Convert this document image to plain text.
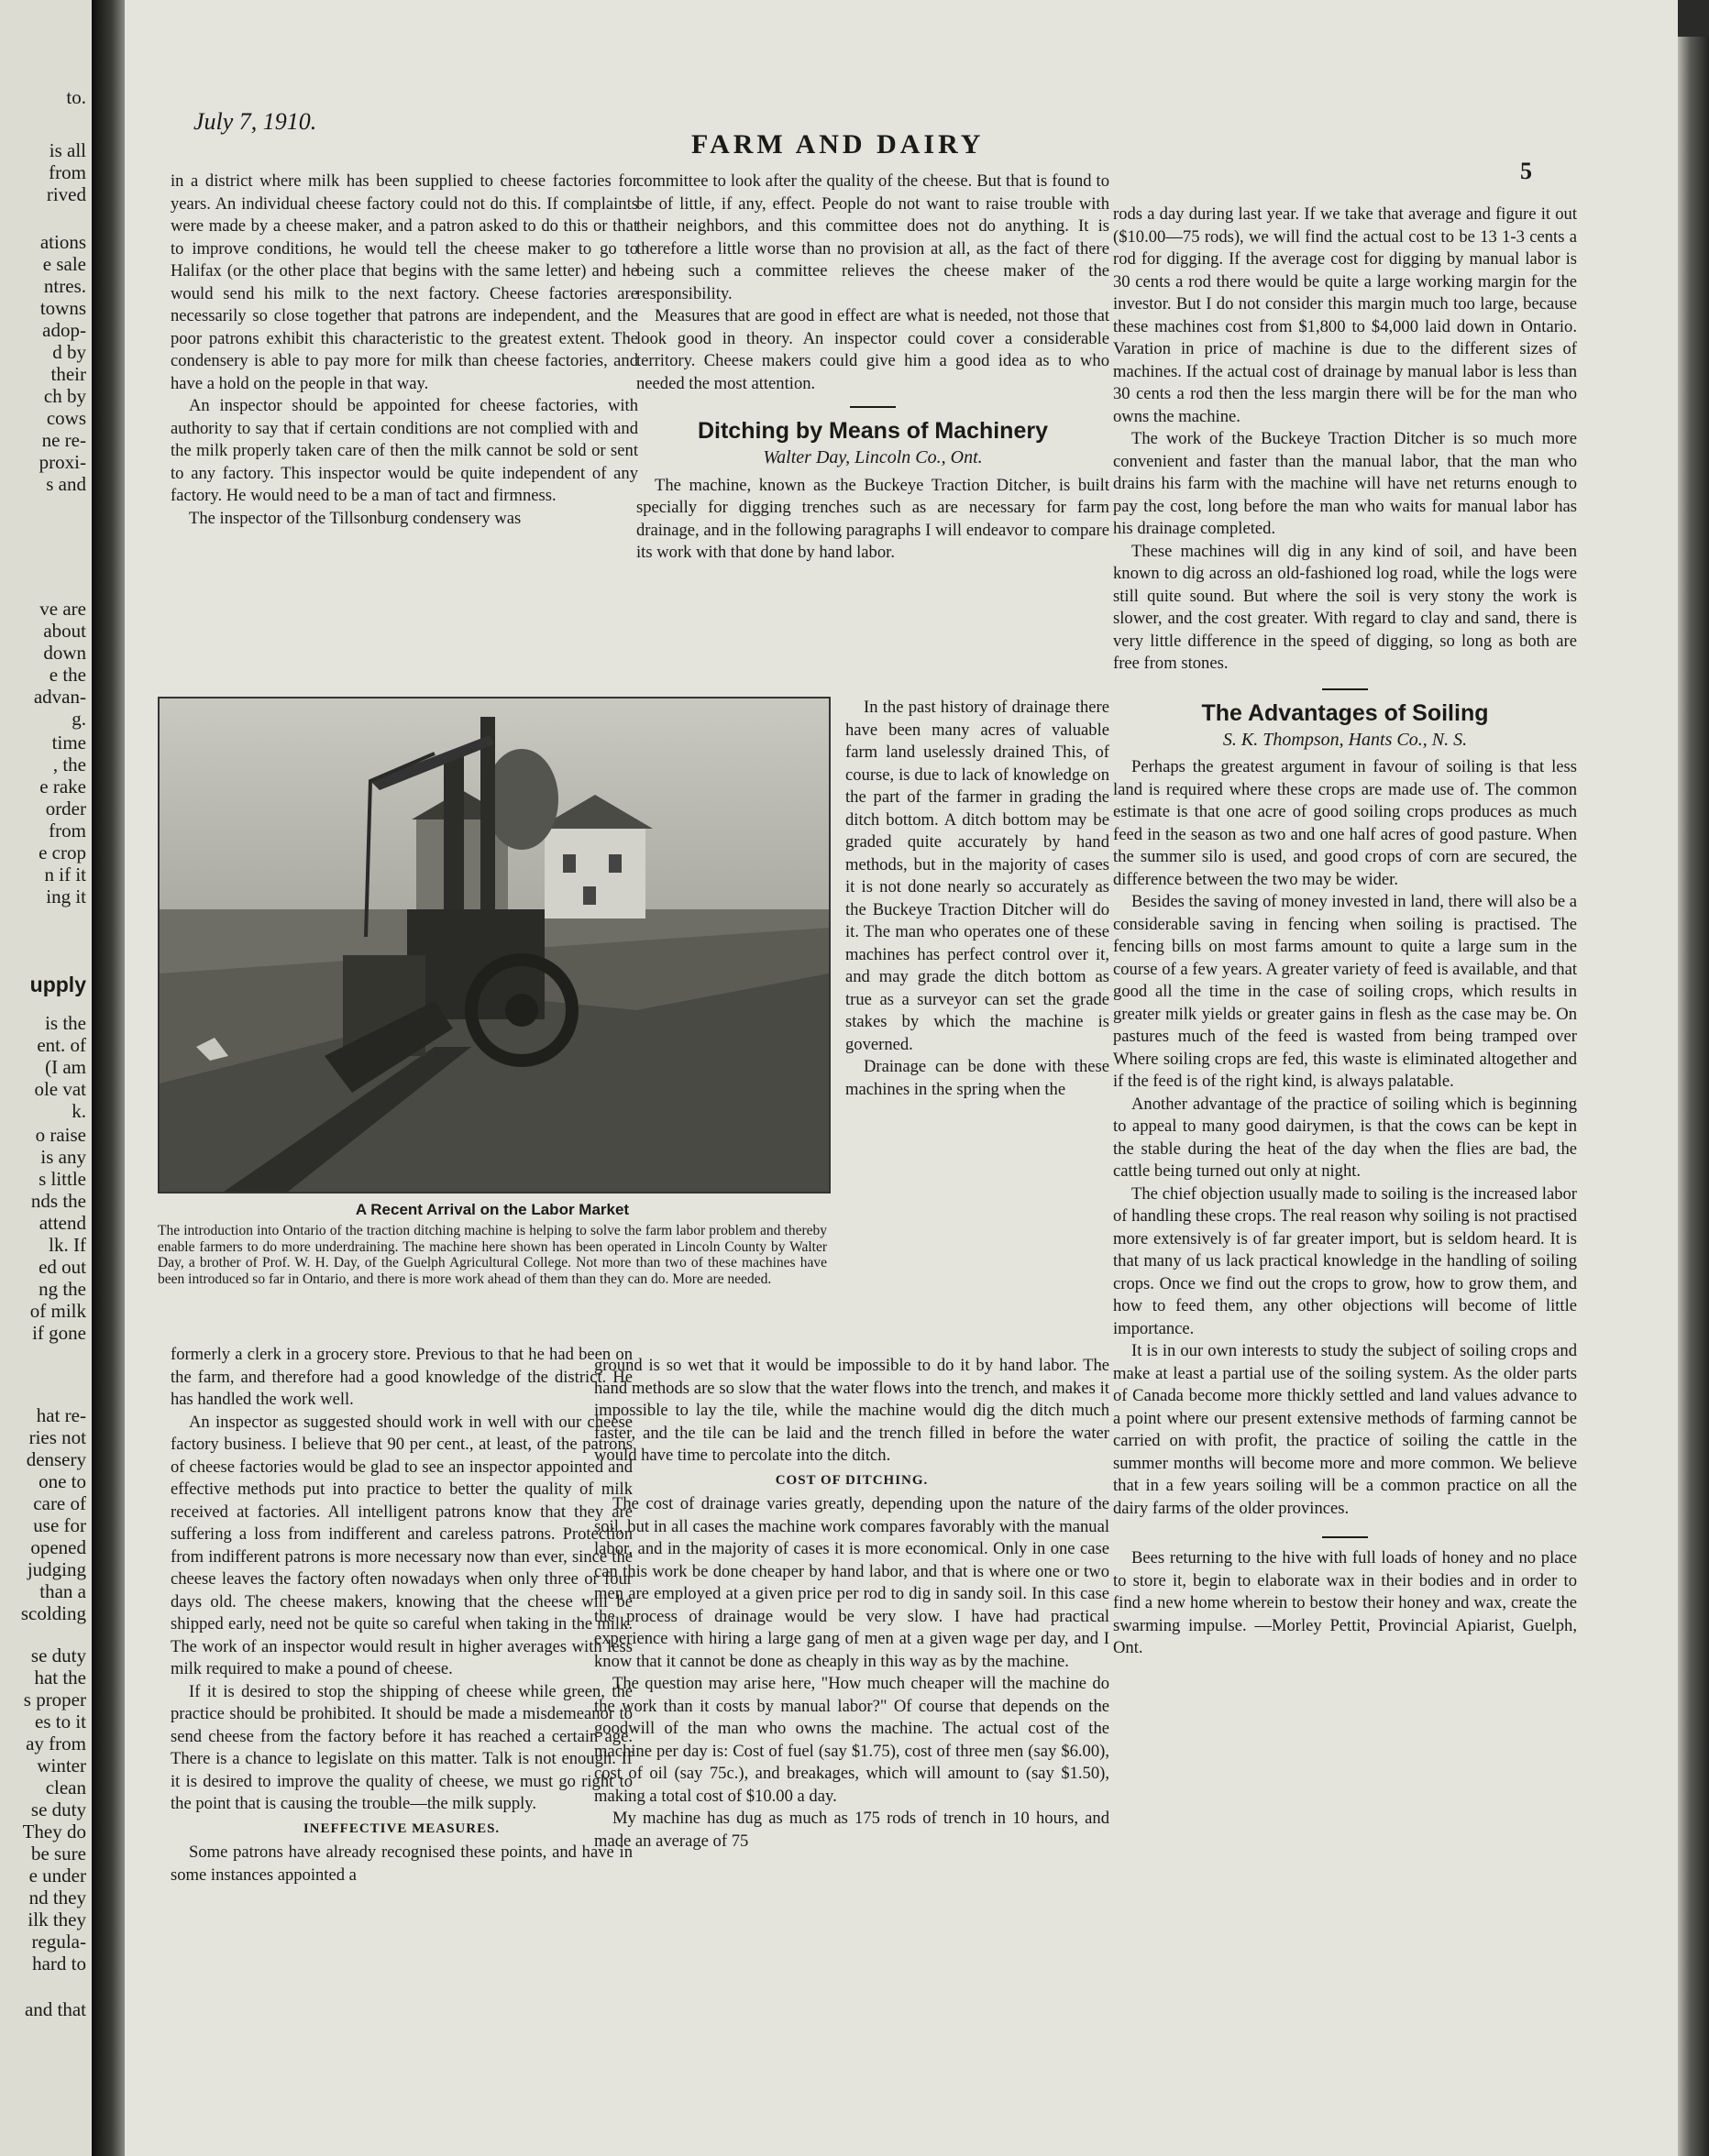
to.
is all
from
rived
ations
e sale
ntres.
towns
adop-
d by
their
ch by
cows
ne re-
proxi-
s and
ve are
about
down
e the
advan-
g.
time
, the
e rake
order
from
e crop
n if it
ing it
upply
is the
ent. of
(I am
ole vat
k.
o raise
is any
s little
nds the
attend
lk. If
ed out
ng the
of milk
if gone
hat re-
ries not
densery
one to
care of
use for
opened
judging
than a
scolding
se duty
hat the
s proper
es to it
ay from
winter
clean
se duty
They do
be sure
e under
nd they
ilk they
regula-
hard to
and that
July 7, 1910.
FARM AND DAIRY
5

in a district where milk has been supplied to cheese factories for years. An individual cheese factory could not do this. If complaints were made by a cheese maker, and a patron asked to do this or that to improve conditions, he would tell the cheese maker to go to Halifax (or the other place that begins with the same letter) and he would send his milk to the next factory. Cheese factories are necessarily so close together that patrons are independent, and the poor patrons exhibit this characteristic to the greatest extent. The condensery is able to pay more for milk than cheese factories, and have a hold on the people in that way.

An inspector should be appointed for cheese factories, with authority to say that if certain conditions are not complied with and the milk properly taken care of then the milk cannot be sold or sent to any factory. This inspector would be quite independent of any factory. He would need to be a man of tact and firmness.

The inspector of the Tillsonburg condensery was

committee to look after the quality of the cheese. But that is found to be of little, if any, effect. People do not want to raise trouble with their neighbors, and this committee does not do anything. It is therefore a little worse than no provision at all, as the fact of there being such a committee relieves the cheese maker of the responsibility.

Measures that are good in effect are what is needed, not those that look good in theory. An inspector could cover a considerable territory. Cheese makers could give him a good idea as to who needed the most attention.

Ditching by Means of Machinery
Walter Day, Lincoln Co., Ont.

The machine, known as the Buckeye Traction Ditcher, is built specially for digging trenches such as are necessary for farm drainage, and in the following paragraphs I will endeavor to compare its work with that done by hand labor.

A Recent Arrival on the Labor Market
The introduction into Ontario of the traction ditching machine is helping to solve the farm labor problem and thereby enable farmers to do more underdraining. The machine here shown has been operated in Lincoln County by Walter Day, a brother of Prof. W. H. Day, of the Guelph Agricultural College. Not more than two of these machines have been introduced so far in Ontario, and there is more work ahead of them than they can do. More are needed.

In the past history of drainage there have been many acres of valuable farm land uselessly drained This, of course, is due to lack of knowledge on the part of the farmer in grading the ditch bottom. A ditch bottom may be graded quite accurately by hand methods, but in the majority of cases it is not done nearly so accurately as the Buckeye Traction Ditcher will do it. The man who operates one of these machines has perfect control over it, and may grade the ditch bottom as true as a surveyor can set the grade stakes by which the machine is governed.

Drainage can be done with these machines in the spring when the

formerly a clerk in a grocery store. Previous to that he had been on the farm, and therefore had a good knowledge of the district. He has handled the work well.

An inspector as suggested should work in well with our cheese factory business. I believe that 90 per cent., at least, of the patrons of cheese factories would be glad to see an inspector appointed and effective methods put into practice to better the quality of milk received at factories. All intelligent patrons know that they are suffering a loss from indifferent and careless patrons. Protection from indifferent patrons is more necessary now than ever, since the cheese leaves the factory often nowadays when only three or four days old. The cheese makers, knowing that the cheese will be shipped early, need not be quite so careful when taking in the milk. The work of an inspector would result in higher averages with less milk required to make a pound of cheese.

If it is desired to stop the shipping of cheese while green, the practice should be prohibited. It should be made a misdemeanor to send cheese from the factory before it has reached a certain age. There is a chance to legislate on this matter. Talk is not enough. If it is desired to improve the quality of cheese, we must go right to the point that is causing the trouble—the milk supply.

INEFFECTIVE MEASURES.

Some patrons have already recognised these points, and have in some instances appointed a

ground is so wet that it would be impossible to do it by hand labor. The hand methods are so slow that the water flows into the trench, and makes it impossible to lay the tile, while the machine would dig the ditch much faster, and the tile can be laid and the trench filled in before the water would have time to percolate into the ditch.

COST OF DITCHING.

The cost of drainage varies greatly, depending upon the nature of the soil, but in all cases the machine work compares favorably with the manual labor, and in the majority of cases it is more economical. Only in one case can this work be done cheaper by hand labor, and that is where one or two men are employed at a given price per rod to dig in sandy soil. In this case the process of drainage would be very slow. I have had practical experience with hiring a large gang of men at a given wage per day, and I know that it cannot be done as cheaply in this way as by the machine.

The question may arise here, "How much cheaper will the machine do the work than it costs by manual labor?" Of course that depends on the goodwill of the man who owns the machine. The actual cost of the machine per day is: Cost of fuel (say $1.75), cost of three men (say $6.00), cost of oil (say 75c.), and breakages, which will amount to (say $1.50), making a total cost of $10.00 a day.

My machine has dug as much as 175 rods of trench in 10 hours, and made an average of 75

rods a day during last year. If we take that average and figure it out ($10.00—75 rods), we will find the actual cost to be 13 1-3 cents a rod for digging. If the average cost for digging by manual labor is 30 cents a rod there would be quite a large working margin for the investor. But I do not consider this margin much too large, because these machines cost from $1,800 to $4,000 laid down in Ontario. Varation in price of machine is due to the different sizes of machines. If the actual cost of drainage by manual labor is less than 30 cents a rod then the less margin there will be for the man who owns the machine.

The work of the Buckeye Traction Ditcher is so much more convenient and faster than the manual labor, that the man who drains his farm with the machine will have net returns enough to pay the cost, long before the man who waits for manual labor has his drainage completed.

These machines will dig in any kind of soil, and have been known to dig across an old-fashioned log road, while the logs were still quite sound. But where the soil is very stony the work is slower, and the cost greater. With regard to clay and sand, there is very little difference in the speed of digging, so long as both are free from stones.

The Advantages of Soiling
S. K. Thompson, Hants Co., N. S.

Perhaps the greatest argument in favour of soiling is that less land is required where these crops are made use of. The common estimate is that one acre of good soiling crops produces as much feed in the season as two and one half acres of good pasture. When the summer silo is used, and good crops of corn are secured, the difference between the two may be wider.

Besides the saving of money invested in land, there will also be a considerable saving in fencing when soiling is practised. The fencing bills on most farms amount to quite a large sum in the course of a few years. A greater variety of feed is available, and that good all the time in the case of soiling crops, which results in greater milk yields or greater gains in flesh as the case may be. On pastures much of the feed is wasted from being tramped over Where soiling crops are fed, this waste is eliminated altogether and if the feed is of the right kind, is always palatable.

Another advantage of the practice of soiling which is beginning to appeal to many good dairymen, is that the cows can be kept in the stable during the heat of the day when the flies are bad, the cattle being turned out only at night.

The chief objection usually made to soiling is the increased labor of handling these crops. The real reason why soiling is not practised more extensively is of far greater import, but is seldom heard. It is that many of us lack practical knowledge in the handling of soiling crops. Once we find out the crops to grow, how to grow them, and how to feed them, any other objections will become of little importance.

It is in our own interests to study the subject of soiling crops and make at least a partial use of the soiling system. As the older parts of Canada become more thickly settled and land values advance to a point where our present extensive methods of farming cannot be carried on with profit, the practice of soiling the cattle in the summer months will become more and more common. We believe that in a few years soiling will be a common practice on all the dairy farms of the older provinces.

Bees returning to the hive with full loads of honey and no place to store it, begin to elaborate wax in their bodies and in order to find a new home wherein to bestow their honey and wax, create the swarming impulse. —Morley Pettit, Provincial Apiarist, Guelph, Ont.
